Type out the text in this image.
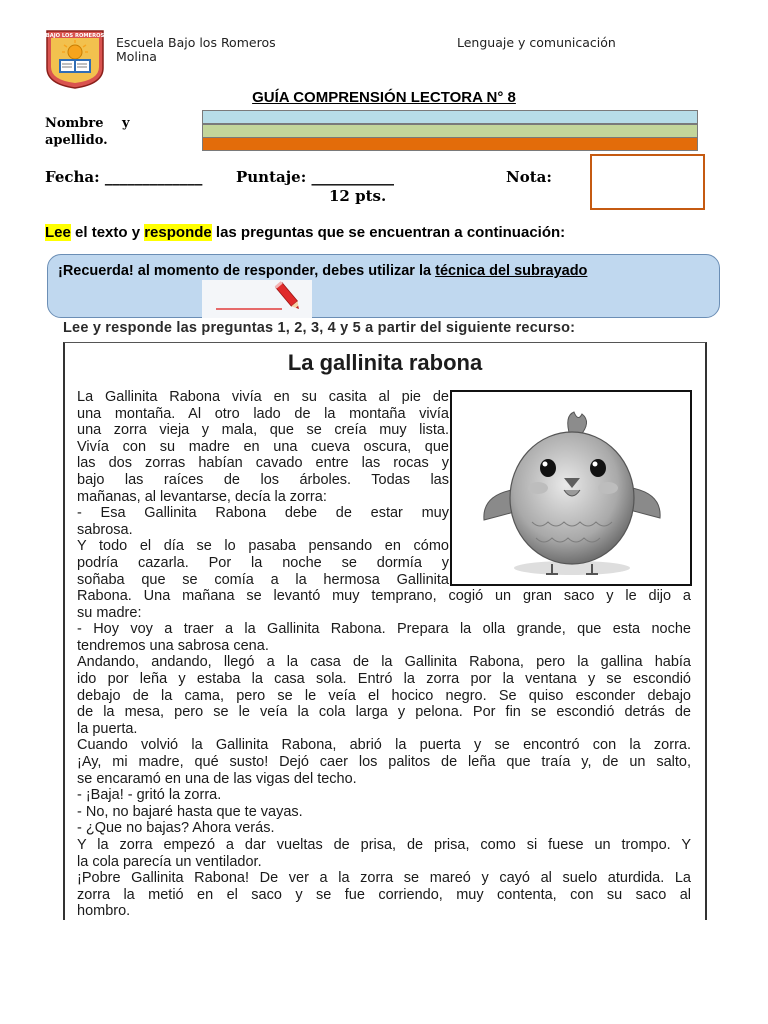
BAJO LOS ROMEROS Escuela Bajo los Romeros
Molina
Lenguaje y comunicación
GUÍA COMPRENSIÓN LECTORA N° 8
Nombre y
apellido.
Fecha: _____________ Puntaje: ___________
12 pts.
Nota:
Lee el texto y responde las preguntas que se encuentran a continuación:
¡Recuerda! al momento de responder, debes utilizar la técnica del subrayado
Lee y responde las preguntas 1, 2, 3, 4 y 5 a partir del siguiente recurso:
La gallinita rabona
La Gallinita Rabona vivía en su casita al pie de
una montaña. Al otro lado de la montaña vivía
una zorra vieja y mala, que se creía muy lista.
Vivía con su madre en una cueva oscura, que
las dos zorras habían cavado entre las rocas y
bajo las raíces de los árboles. Todas las
mañanas, al levantarse, decía la zorra:
- Esa Gallinita Rabona debe de estar muy
sabrosa.
Y todo el día se lo pasaba pensando en cómo
podría cazarla. Por la noche se dormía y
soñaba que se comía a la hermosa Gallinita
Rabona. Una mañana se levantó muy temprano, cogió un gran saco y le dijo a
su madre:
- Hoy voy a traer a la Gallinita Rabona. Prepara la olla grande, que esta noche
tendremos una sabrosa cena.
Andando, andando, llegó a la casa de la Gallinita Rabona, pero la gallina había
ido por leña y estaba la casa sola. Entró la zorra por la ventana y se escondió
debajo de la cama, pero se le veía el hocico negro. Se quiso esconder debajo
de la mesa, pero se le veía la cola larga y pelona. Por fin se escondió detrás de
la puerta.
Cuando volvió la Gallinita Rabona, abrió la puerta y se encontró con la zorra.
¡Ay, mi madre, qué susto! Dejó caer los palitos de leña que traía y, de un salto,
se encaramó en una de las vigas del techo.
- ¡Baja! - gritó la zorra.
- No, no bajaré hasta que te vayas.
- ¿Que no bajas? Ahora verás.
Y la zorra empezó a dar vueltas de prisa, de prisa, como si fuese un trompo. Y
la cola parecía un ventilador.
¡Pobre Gallinita Rabona! De ver a la zorra se mareó y cayó al suelo aturdida. La
zorra la metió en el saco y se fue corriendo, muy contenta, con su saco al
hombro.
